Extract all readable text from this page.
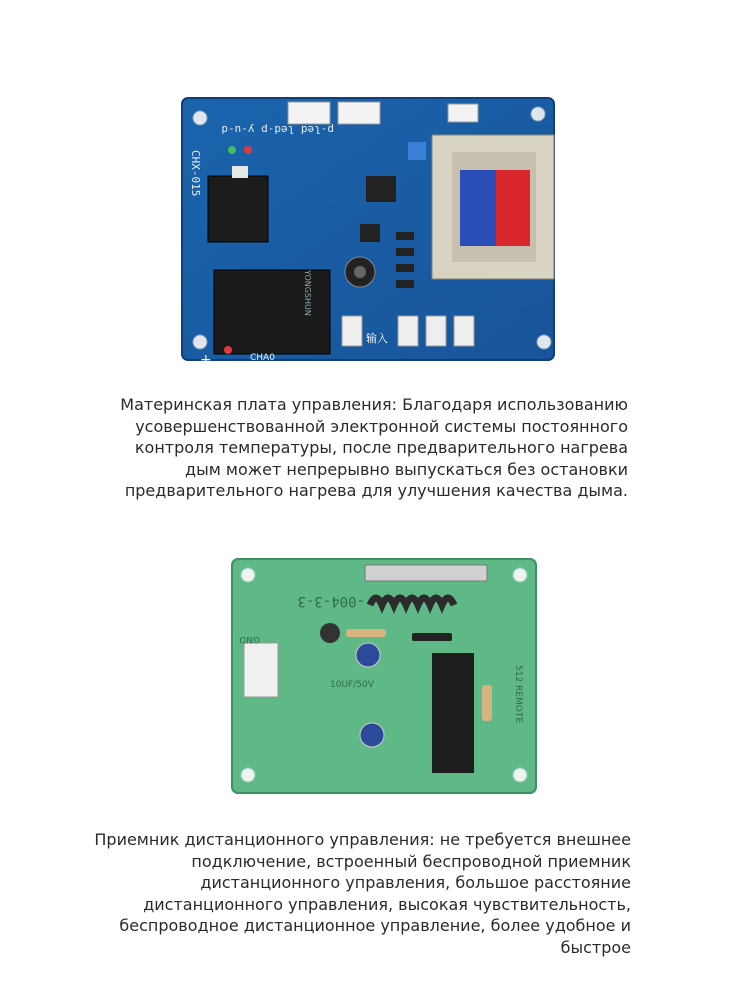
p-led led-p y-u-d
CHX-015
YONGSHUN
输入
CHA0
+
Материнская плата управления: Благодаря использованию
усовершенствованной электронной системы постоянного
контроля температуры, после предварительного нагрева
дым может непрерывно выпускаться без остановки
предварительного нагрева для улучшения качества дыма.
-004-3-3
GND
10UF/50V	512 REMOTE
Приемник дистанционного управления: не требуется внешнее
подключение, встроенный беспроводной приемник
дистанционного управления, большое расстояние
дистанционного управления, высокая чувствительность,
беспроводное дистанционное управление, более удобное и
быстрое
